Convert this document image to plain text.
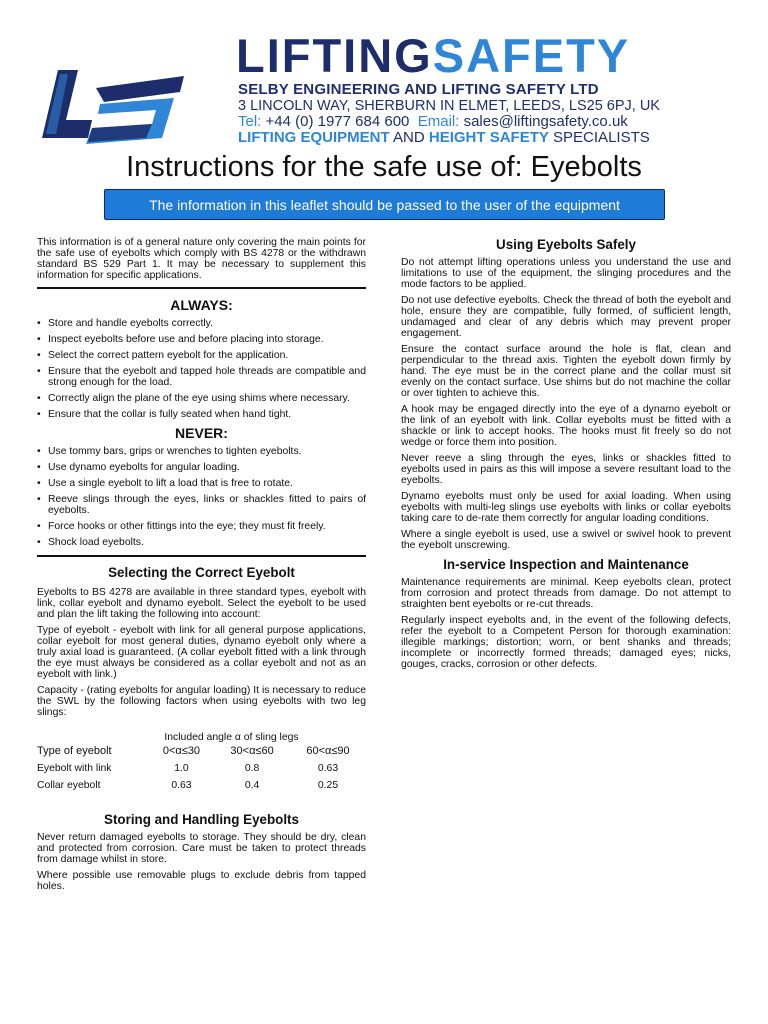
LIFTINGSAFETY
SELBY ENGINEERING AND LIFTING SAFETY LTD
3 LINCOLN WAY, SHERBURN IN ELMET, LEEDS, LS25 6PJ, UK
Tel: +44 (0) 1977 684 600 Email: sales@liftingsafety.co.uk
LIFTING EQUIPMENT AND HEIGHT SAFETY SPECIALISTS
Instructions for the safe use of: Eyebolts
The information in this leaflet should be passed to the user of the equipment

This information is of a general nature only covering the main points for the safe use of eyebolts which comply with BS 4278 or the withdrawn standard BS 529 Part 1. It may be necessary to supplement this information for specific applications.

ALWAYS:
• Store and handle eyebolts correctly.
• Inspect eyebolts before use and before placing into storage.
• Select the correct pattern eyebolt for the application.
• Ensure that the eyebolt and tapped hole threads are compatible and strong enough for the load.
• Correctly align the plane of the eye using shims where necessary.
• Ensure that the collar is fully seated when hand tight.
NEVER:
• Use tommy bars, grips or wrenches to tighten eyebolts.
• Use dynamo eyebolts for angular loading.
• Use a single eyebolt to lift a load that is free to rotate.
• Reeve slings through the eyes, links or shackles fitted to pairs of eyebolts.
• Force hooks or other fittings into the eye; they must fit freely.
• Shock load eyebolts.
Selecting the Correct Eyebolt

Eyebolts to BS 4278 are available in three standard types, eyebolt with link, collar eyebolt and dynamo eyebolt. Select the eyebolt to be used and plan the lift taking the following into account:

Type of eyebolt - eyebolt with link for all general purpose applications, collar eyebolt for most general duties, dynamo eyebolt only where a truly axial load is guaranteed. (A collar eyebolt fitted with a link through the eye must always be considered as a collar eyebolt and not as an eyebolt with link.)

Capacity - (rating eyebolts for angular loading) It is necessary to reduce the SWL by the following factors when using eyebolts with two leg slings:

Included angle α of sling legs
Type of eyebolt	0<α≤30	30<α≤60	60<α≤90
Eyebolt with link	1.0	0.8	0.63
Collar eyebolt	0.63	0.4	0.25
Storing and Handling Eyebolts

Never return damaged eyebolts to storage. They should be dry, clean and protected from corrosion. Care must be taken to protect threads from damage whilst in store.

Where possible use removable plugs to exclude debris from tapped holes.

Using Eyebolts Safely

Do not attempt lifting operations unless you understand the use and limitations to use of the equipment, the slinging procedures and the mode factors to be applied.

Do not use defective eyebolts. Check the thread of both the eyebolt and hole, ensure they are compatible, fully formed, of sufficient length, undamaged and clear of any debris which may prevent proper engagement.

Ensure the contact surface around the hole is flat, clean and perpendicular to the thread axis. Tighten the eyebolt down firmly by hand. The eye must be in the correct plane and the collar must sit evenly on the contact surface. Use shims but do not machine the collar or over tighten to achieve this.

A hook may be engaged directly into the eye of a dynamo eyebolt or the link of an eyebolt with link. Collar eyebolts must be fitted with a shackle or link to accept hooks. The hooks must fit freely so do not wedge or force them into position.

Never reeve a sling through the eyes, links or shackles fitted to eyebolts used in pairs as this will impose a severe resultant load to the eyebolts.

Dynamo eyebolts must only be used for axial loading. When using eyebolts with multi-leg slings use eyebolts with links or collar eyebolts taking care to de-rate them correctly for angular loading conditions.

Where a single eyebolt is used, use a swivel or swivel hook to prevent the eyebolt unscrewing.

In-service Inspection and Maintenance

Maintenance requirements are minimal. Keep eyebolts clean, protect from corrosion and protect threads from damage. Do not attempt to straighten bent eyebolts or re-cut threads.

Regularly inspect eyebolts and, in the event of the following defects, refer the eyebolt to a Competent Person for thorough examination: illegible markings; distortion; worn, or bent shanks and threads; incomplete or incorrectly formed threads; damaged eyes; nicks, gouges, cracks, corrosion or other defects.
